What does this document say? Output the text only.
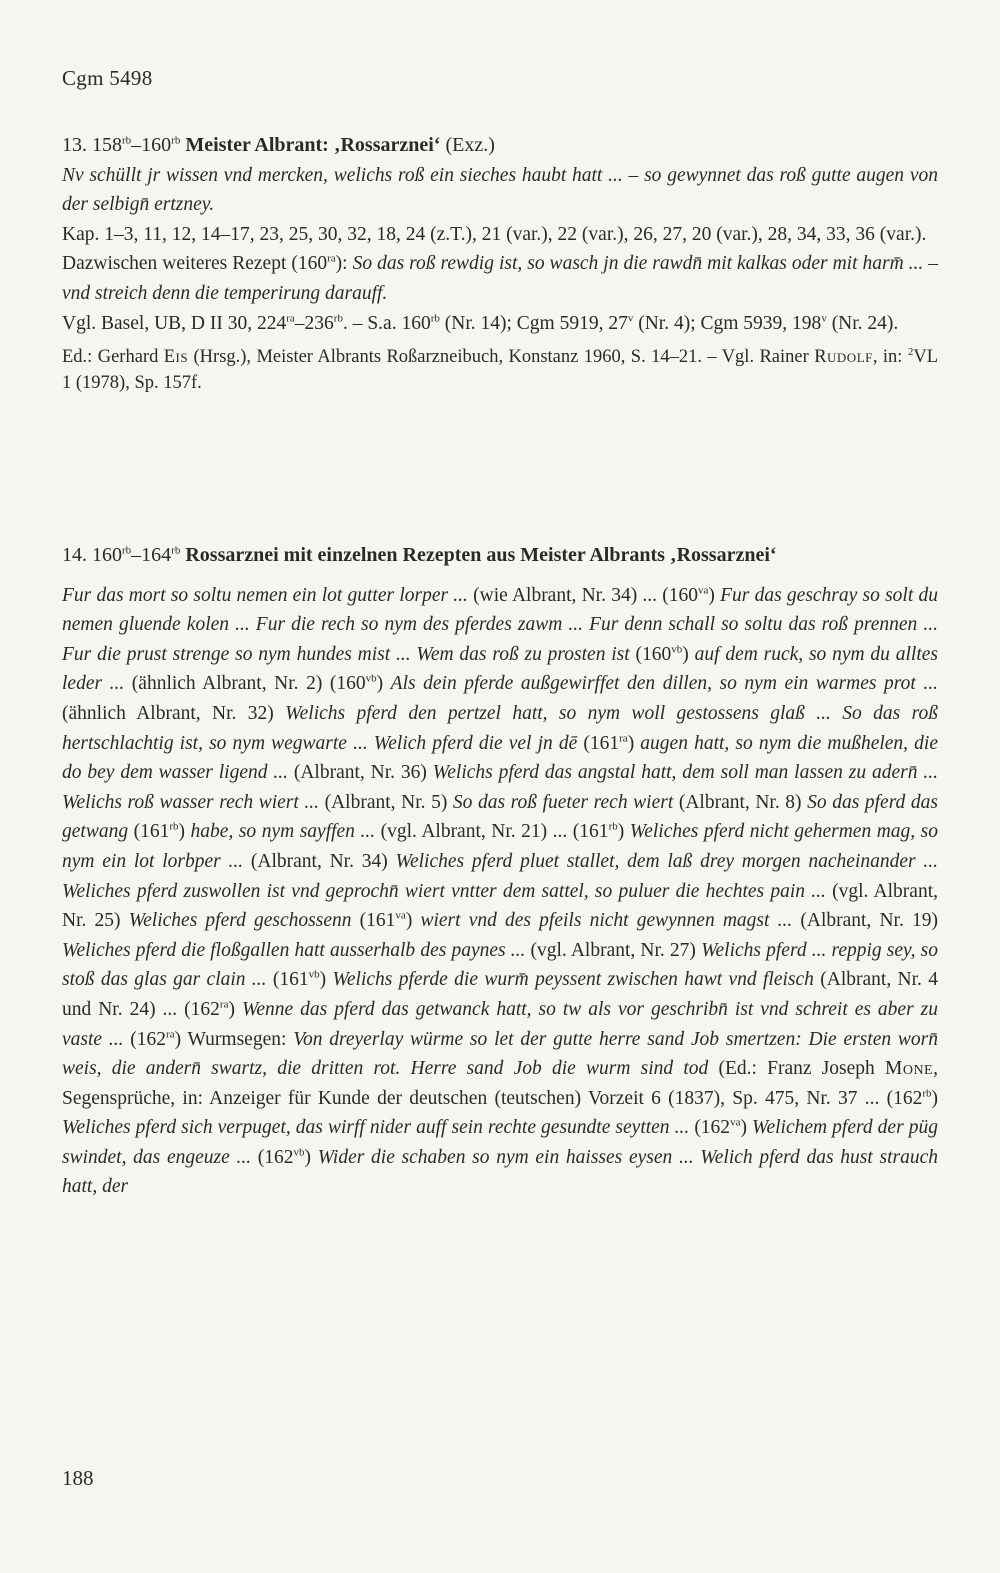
Cgm 5498

13. $158^{rb}-160^{rb}$ Meister Albrant: ‚Rossarznei‘ (Exz.)

Nv schüllt jr wissen vnd mercken, welichs roß ein sieches haubt hatt ... – so gewynnet das roß gutte augen von der selbign̄ ertzney.

Kap. 1–3, 11, 12, 14–17, 23, 25, 30, 32, 18, 24 (z.T.), 21 (var.), 22 (var.), 26, 27, 20 (var.), 28, 34, 33, 36 (var.).

Dazwischen weiteres Rezept $(160^{ra})$: So das roß rewdig ist, so wasch jn die rawdn̄ mit kalkas oder mit harm̄ ... – vnd streich denn die temperirung darauff.

Vgl. Basel, UB, D II 30, $224^{ra}-236^{rb}$. – S.a. $160^{rb}$ (Nr. 14); Cgm 5919, 27$^v$ (Nr. 4); Cgm 5939, 198$^v$ (Nr. 24).

Ed.: Gerhard Eis (Hrsg.), Meister Albrants Roßarzneibuch, Konstanz 1960, S. 14–21. – Vgl. Rainer Rudolf, in: $^2$VL 1 (1978), Sp. 157f.

14. $160^{rb}-164^{rb}$ Rossarznei mit einzelnen Rezepten aus Meister Albrants ‚Rossarznei‘

Fur das mort so soltu nemen ein lot gutter lorper ... (wie Albrant, Nr. 34) ... $(160^{va})$ Fur das geschray so solt du nemen gluende kolen ... Fur die rech so nym des pferdes zawm ... Fur denn schall so soltu das roß prennen ... Fur die prust strenge so nym hundes mist ... Wem das roß zu prosten ist $(160^{vb})$ auf dem ruck, so nym du alltes leder ... (ähnlich Albrant, Nr. 2) $(160^{vb})$ Als dein pferde außgewirffet den dillen, so nym ein warmes prot ... (ähnlich Albrant, Nr. 32) Welichs pferd den pertzel hatt, so nym woll gestossens glaß ... So das roß hertschlachtig ist, so nym wegwarte ... Welich pferd die vel jn dē $(161^{ra})$ augen hatt, so nym die mußhelen, die do bey dem wasser ligend ... (Albrant, Nr. 36) Welichs pferd das angstal hatt, dem soll man lassen zu adern̄ ... Welichs roß wasser rech wiert ... (Albrant, Nr. 5) So das roß fueter rech wiert (Albrant, Nr. 8) So das pferd das getwang $(161^{rb})$ habe, so nym sayffen ... (vgl. Albrant, Nr. 21) ... $(161^{rb})$ Weliches pferd nicht gehermen mag, so nym ein lot lorbper ... (Albrant, Nr. 34) Weliches pferd pluet stallet, dem laß drey morgen nacheinander ... Weliches pferd zuswollen ist vnd geprochn̄ wiert vntter dem sattel, so puluer die hechtes pain ... (vgl. Albrant, Nr. 25) Weliches pferd geschossenn $(161^{va})$ wiert vnd des pfeils nicht gewynnen magst ... (Albrant, Nr. 19) Weliches pferd die floßgallen hatt ausserhalb des paynes ... (vgl. Albrant, Nr. 27) Welichs pferd ... reppig sey, so stoß das glas gar clain ... $(161^{vb})$ Welichs pferde die wurm̄ peyssent zwischen hawt vnd fleisch (Albrant, Nr. 4 und Nr. 24) ... $(162^{ra})$ Wenne das pferd das getwanck hatt, so tw als vor geschribn̄ ist vnd schreit es aber zu vaste ... $(162^{ra})$ Wurmsegen: Von dreyerlay würme so let der gutte herre sand Job smertzen: Die ersten worn̄ weis, die andern̄ swartz, die dritten rot. Herre sand Job die wurm sind tod (Ed.: Franz Joseph Mone, Segensprüche, in: Anzeiger für Kunde der deutschen (teutschen) Vorzeit 6 (1837), Sp. 475, Nr. 37 ... $(162^{rb})$ Weliches pferd sich verpuget, das wirff nider auff sein rechte gesundte seytten ... $(162^{va})$ Welichem pferd der püg swindet, das engeuze ... $(162^{vb})$ Wider die schaben so nym ein haisses eysen ... Welich pferd das hust strauch hatt, der

188
